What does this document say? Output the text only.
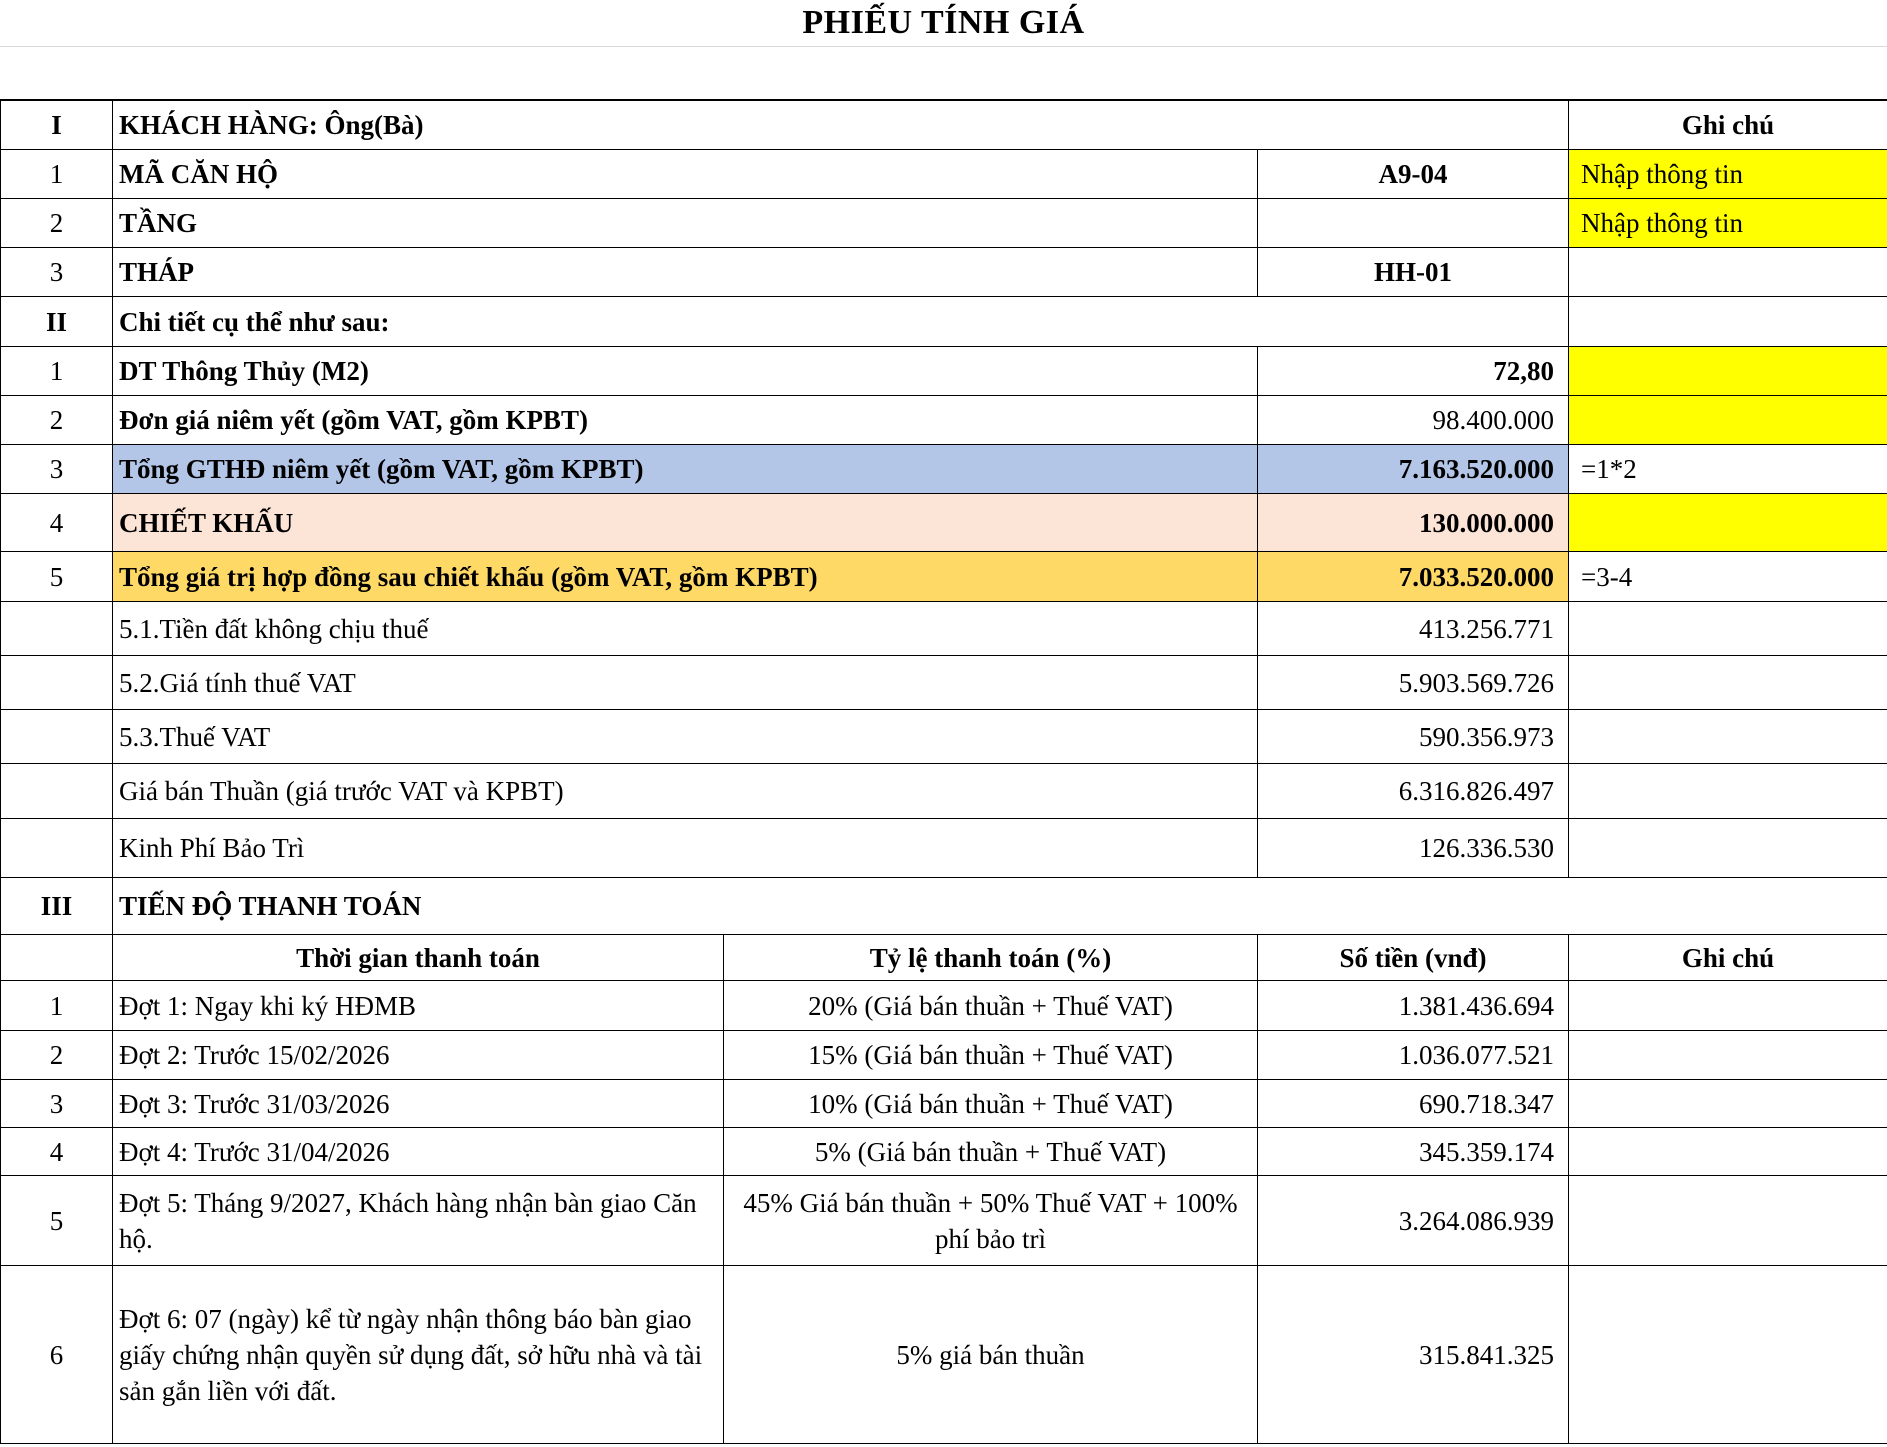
PHIẾU TÍNH GIÁ
I	KHÁCH HÀNG: Ông(Bà)			Ghi chú
1	MÃ CĂN HỘ		A9-04	Nhập thông tin
2	TẦNG			Nhập thông tin
3	THÁP		HH-01	
II	Chi tiết cụ thể như sau:			
1	DT Thông Thủy (M2)		72,80	
2	Đơn giá niêm yết (gồm VAT, gồm KPBT)		98.400.000	
3	Tổng GTHĐ niêm yết (gồm VAT, gồm KPBT)		7.163.520.000	=1*2
4	CHIẾT KHẤU		130.000.000	
5	Tổng giá trị hợp đồng sau chiết khấu (gồm VAT, gồm KPBT)		7.033.520.000	=3-4
	5.1.Tiền đất không chịu thuế		413.256.771	
	5.2.Giá tính thuế VAT		5.903.569.726	
	5.3.Thuế VAT		590.356.973	
	Giá bán Thuần (giá trước VAT và KPBT)		6.316.826.497	
	Kinh Phí Bảo Trì		126.336.530	
III	TIẾN ĐỘ THANH TOÁN			
	Thời gian thanh toán	Tỷ lệ thanh toán (%)	Số tiền (vnđ)	Ghi chú
1	Đợt 1: Ngay khi ký HĐMB	20% (Giá bán thuần + Thuế VAT)	1.381.436.694	
2	Đợt 2: Trước 15/02/2026	15% (Giá bán thuần + Thuế VAT)	1.036.077.521	
3	Đợt 3: Trước 31/03/2026	10% (Giá bán thuần + Thuế VAT)	690.718.347	
4	Đợt 4: Trước 31/04/2026	5% (Giá bán thuần + Thuế VAT)	345.359.174	
5	Đợt 5: Tháng 9/2027, Khách hàng nhận bàn giao Căn hộ.	45% Giá bán thuần + 50% Thuế VAT + 100% phí bảo trì	3.264.086.939	
6	Đợt 6: 07 (ngày) kể từ ngày nhận thông báo bàn giao giấy chứng nhận quyền sử dụng đất, sở hữu nhà và tài sản gắn liền với đất.	5% giá bán thuần	315.841.325	
